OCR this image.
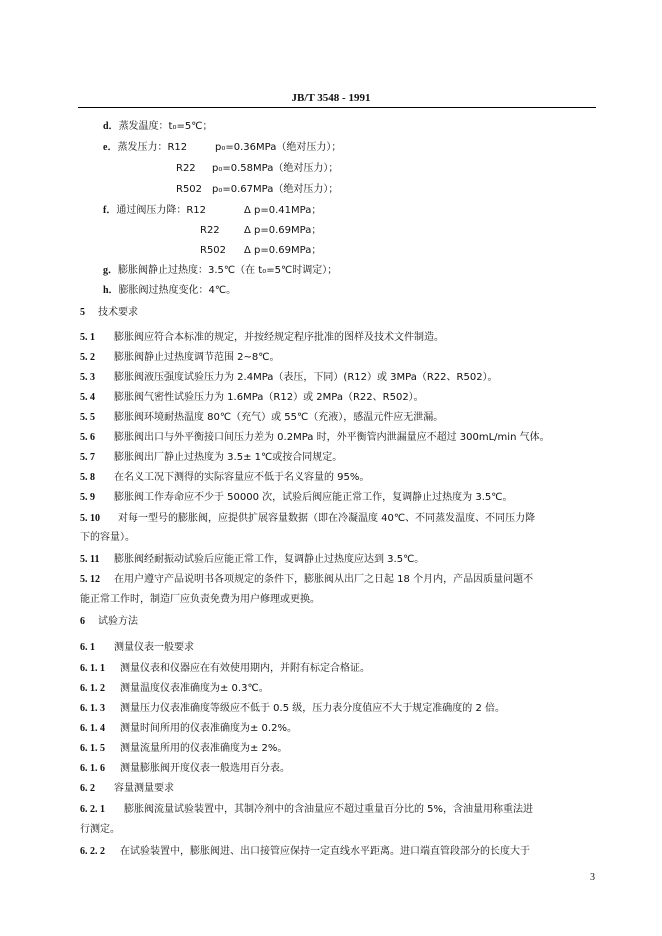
JB/T 3548 - 1991
d．蒸发温度：t₀=5℃；
e．蒸发压力：R12	p₀=0.36MPa（绝对压力）；
R22 p₀=0.58MPa（绝对压力）；
R502 p₀=0.67MPa（绝对压力）；
f．通过阀压力降：R12	Δ p=0.41MPa；
R22 Δ p=0.69MPa；
R502 Δ p=0.69MPa；
g．膨胀阀静止过热度：3.5℃（在 t₀=5℃时调定）；
h．膨胀阀过热度变化：4℃。
5 技术要求
5. 1 膨胀阀应符合本标准的规定，并按经规定程序批准的图样及技术文件制造。
5. 2 膨胀阀静止过热度调节范围 2~8℃。
5. 3 膨胀阀液压强度试验压力为 2.4MPa（表压，下同）(R12）或 3MPa（R22、R502）。
5. 4 膨胀阀气密性试验压力为 1.6MPa（R12）或 2MPa（R22、R502）。
5. 5 膨胀阀环境耐热温度 80℃（充气）或 55℃（充液），感温元件应无泄漏。
5. 6 膨胀阀出口与外平衡接口间压力差为 0.2MPa 时，外平衡管内泄漏量应不超过 300mL/min 气体。
5. 7 膨胀阀出厂静止过热度为 3.5± 1℃或按合同规定。
5. 8 在名义工况下测得的实际容量应不低于名义容量的 95%。
5. 9 膨胀阀工作寿命应不少于 50000 次，试验后阀应能正常工作，复调静止过热度为 3.5℃。
5. 10 对每一型号的膨胀阀，应提供扩展容量数据（即在冷凝温度 40℃、不同蒸发温度、不同压力降
下的容量）。
5. 11 膨胀阀经耐振动试验后应能正常工作，复调静止过热度应达到 3.5℃。
5. 12 在用户遵守产品说明书各项规定的条件下，膨胀阀从出厂之日起 18 个月内，产品因质量问题不
能正常工作时，制造厂应负责免费为用户修理或更换。
6 试验方法
6. 1 测量仪表一般要求
6. 1. 1 测量仪表和仪器应在有效使用期内，并附有标定合格证。
6. 1. 2 测量温度仪表准确度为± 0.3℃。
6. 1. 3 测量压力仪表准确度等级应不低于 0.5 级，压力表分度值应不大于规定准确度的 2 倍。
6. 1. 4 测量时间所用的仪表准确度为± 0.2%。
6. 1. 5 测量流量所用的仪表准确度为± 2%。
6. 1. 6 测量膨胀阀开度仪表一般选用百分表。
6. 2 容量测量要求
6. 2. 1 膨胀阀流量试验装置中，其制冷剂中的含油量应不超过重量百分比的 5%，含油量用称重法进
行测定。
6. 2. 2 在试验装置中，膨胀阀进、出口接管应保持一定直线水平距离。进口端直管段部分的长度大于
3
